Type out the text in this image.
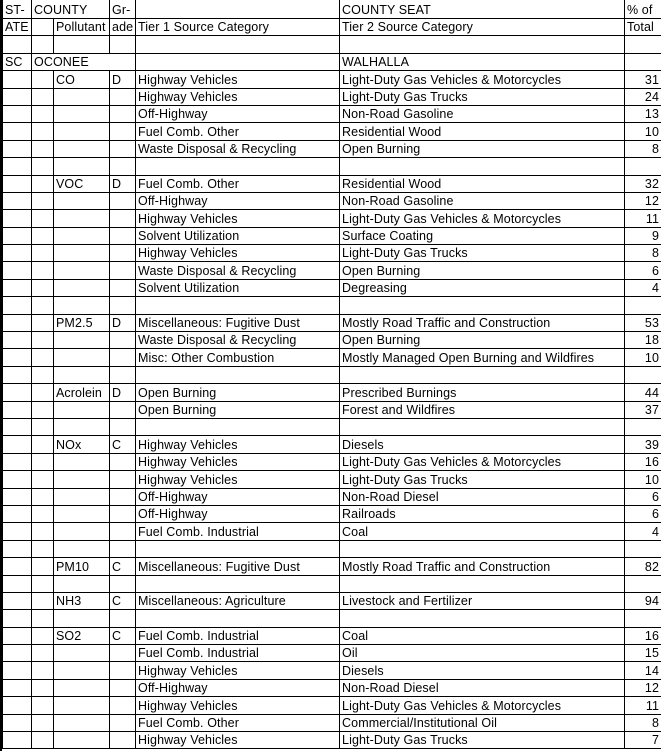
ST-	COUNTY		Gr-		COUNTY SEAT	% of
ATE		Pollutant	ade	Tier 1 Source Category	Tier 2 Source Category	Total

SC	OCONEE				WALHALLA	
		CO	D	Highway Vehicles	Light-Duty Gas Vehicles & Motorcycles	31
				Highway Vehicles	Light-Duty Gas Trucks	24
				Off-Highway	Non-Road Gasoline	13
				Fuel Comb. Other	Residential Wood	10
				Waste Disposal & Recycling	Open Burning	8

		VOC	D	Fuel Comb. Other	Residential Wood	32
				Off-Highway	Non-Road Gasoline	12
				Highway Vehicles	Light-Duty Gas Vehicles & Motorcycles	11
				Solvent Utilization	Surface Coating	9
				Highway Vehicles	Light-Duty Gas Trucks	8
				Waste Disposal & Recycling	Open Burning	6
				Solvent Utilization	Degreasing	4

		PM2.5	D	Miscellaneous: Fugitive Dust	Mostly Road Traffic and Construction	53
				Waste Disposal & Recycling	Open Burning	18
				Misc: Other Combustion	Mostly Managed Open Burning and Wildfires	10

		Acrolein	D	Open Burning	Prescribed Burnings	44
				Open Burning	Forest and Wildfires	37

		NOx	C	Highway Vehicles	Diesels	39
				Highway Vehicles	Light-Duty Gas Vehicles & Motorcycles	16
				Highway Vehicles	Light-Duty Gas Trucks	10
				Off-Highway	Non-Road Diesel	6
				Off-Highway	Railroads	6
				Fuel Comb. Industrial	Coal	4

		PM10	C	Miscellaneous: Fugitive Dust	Mostly Road Traffic and Construction	82

		NH3	C	Miscellaneous: Agriculture	Livestock and Fertilizer	94

		SO2	C	Fuel Comb. Industrial	Coal	16
				Fuel Comb. Industrial	Oil	15
				Highway Vehicles	Diesels	14
				Off-Highway	Non-Road Diesel	12
				Highway Vehicles	Light-Duty Gas Vehicles & Motorcycles	11
				Fuel Comb. Other	Commercial/Institutional Oil	8
				Highway Vehicles	Light-Duty Gas Trucks	7
